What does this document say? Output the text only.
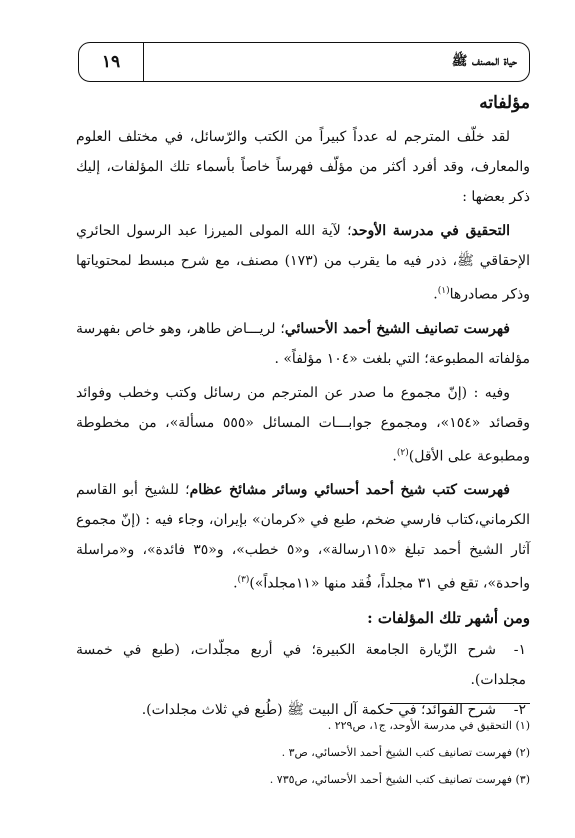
١٩	حياة المصنف ﷺ
مؤلفاته

لقد خلّف المترجم له عدداً كبيراً من الكتب والرّسائل، في مختلف العلوم والمعارف، وقد أفرد أكثر من مؤلّف فهرساً خاصاً بأسماء تلك المؤلفات، إليك ذكر بعضها :

التحقيق في مدرسة الأوحد؛ لآية الله المولى الميرزا عبد الرسول الحائري الإحقاقي ﷺ، ذدر فيه ما يقرب من (١٧٣) مصنف، مع شرح مبسط لمحتوياتها وذكر مصادرها$^{(١)}$.

فهرست تصانيف الشيخ أحمد الأحسائي؛ لريـــاض طاهر، وهو خاص بفهرسة مؤلفاته المطبوعة؛ التي بلغت «١٠٤ مؤلفاً» .

وفيه : (إنّ مجموع ما صدر عن المترجم من رسائل وكتب وخطب وفوائد وقصائد «١٥٤»، ومجموع جوابـــات المسائل «٥٥٥ مسألة»، من مخطوطة ومطبوعة على الأقل)$^{(٢)}$.

فهرست كتب شيخ أحمد أحسائي وسائر مشائخ عظام؛ للشيخ أبو القاسم الكرماني،كتاب فارسي ضخم، طبع في «كرمان» بإيران، وجاء فيه : (إنّ مجموع آثار الشيخ أحمد تبلغ «١١٥رسالة»، و«٥ خطب»، و«٣٥ فائدة»، و«مراسلة واحدة»، تقع في ٣١ مجلداً، فُقد منها «١١مجلداً»)$^{(٣)}$.

ومن أشهر تلك المؤلفات :
١-شرح الزّيارة الجامعة الكبيرة؛ في أربع مجلّدات، (طبع في خمسة مجلدات).
٢-شرح الفوائد؛ في حكمة آل البيت ﷺ (طُبع في ثلاث مجلدات).
(١) التحقيق في مدرسة الأوحد، ج١، ص٢٢٩ .
(٢) فهرست تصانيف كتب الشيخ أحمد الأحسائي، ص٣ .
(٣) فهرست تصانيف كتب الشيخ أحمد الأحسائي، ص٧٣٥ .
